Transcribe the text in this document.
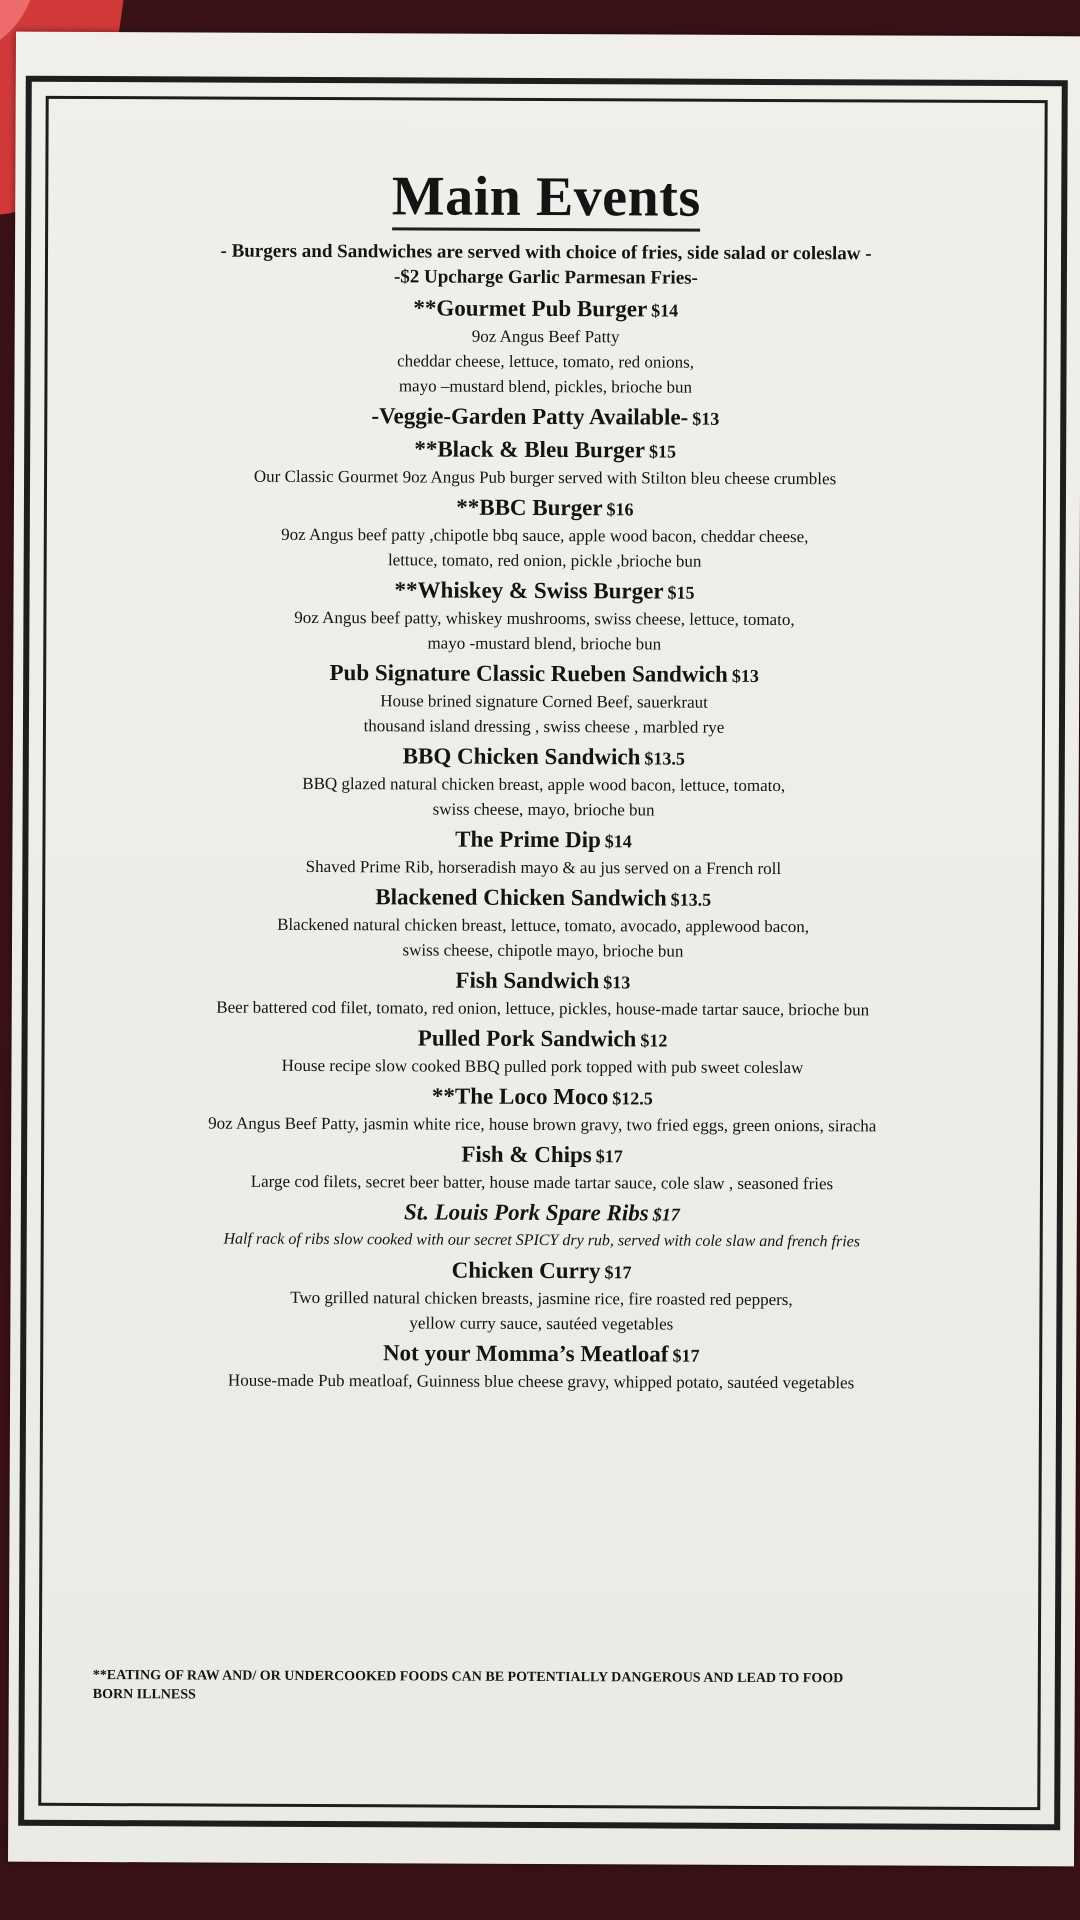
Main Events
- Burgers and Sandwiches are served with choice of fries, side salad or coleslaw -
-$2 Upcharge Garlic Parmesan Fries-
**Gourmet Pub Burger $14
9oz Angus Beef Patty
cheddar cheese, lettuce, tomato, red onions,
mayo –mustard blend, pickles, brioche bun
-Veggie-Garden Patty Available- $13
**Black & Bleu Burger $15
Our Classic Gourmet 9oz Angus Pub burger served with Stilton bleu cheese crumbles
**BBC Burger $16
9oz Angus beef patty ,chipotle bbq sauce, apple wood bacon, cheddar cheese,
lettuce, tomato, red onion, pickle ,brioche bun
**Whiskey & Swiss Burger $15
9oz Angus beef patty, whiskey mushrooms, swiss cheese, lettuce, tomato,
mayo -mustard blend, brioche bun
Pub Signature Classic Rueben Sandwich $13
House brined signature Corned Beef, sauerkraut
thousand island dressing , swiss cheese , marbled rye
BBQ Chicken Sandwich $13.5
BBQ glazed natural chicken breast, apple wood bacon, lettuce, tomato,
swiss cheese, mayo, brioche bun
The Prime Dip $14
Shaved Prime Rib, horseradish mayo & au jus served on a French roll
Blackened Chicken Sandwich $13.5
Blackened natural chicken breast, lettuce, tomato, avocado, applewood bacon,
swiss cheese, chipotle mayo, brioche bun
Fish Sandwich $13
Beer battered cod filet, tomato, red onion, lettuce, pickles, house-made tartar sauce, brioche bun
Pulled Pork Sandwich $12
House recipe slow cooked BBQ pulled pork topped with pub sweet coleslaw
**The Loco Moco $12.5
9oz Angus Beef Patty, jasmin white rice, house brown gravy, two fried eggs, green onions, siracha
Fish & Chips $17
Large cod filets, secret beer batter, house made tartar sauce, cole slaw , seasoned fries
St. Louis Pork Spare Ribs $17
Half rack of ribs slow cooked with our secret SPICY dry rub, served with cole slaw and french fries
Chicken Curry $17
Two grilled natural chicken breasts, jasmine rice, fire roasted red peppers,
yellow curry sauce, sautéed vegetables
Not your Momma’s Meatloaf $17
House-made Pub meatloaf, Guinness blue cheese gravy, whipped potato, sautéed vegetables
**EATING OF RAW AND/ OR UNDERCOOKED FOODS CAN BE POTENTIALLY DANGEROUS AND LEAD TO FOOD
BORN ILLNESS
